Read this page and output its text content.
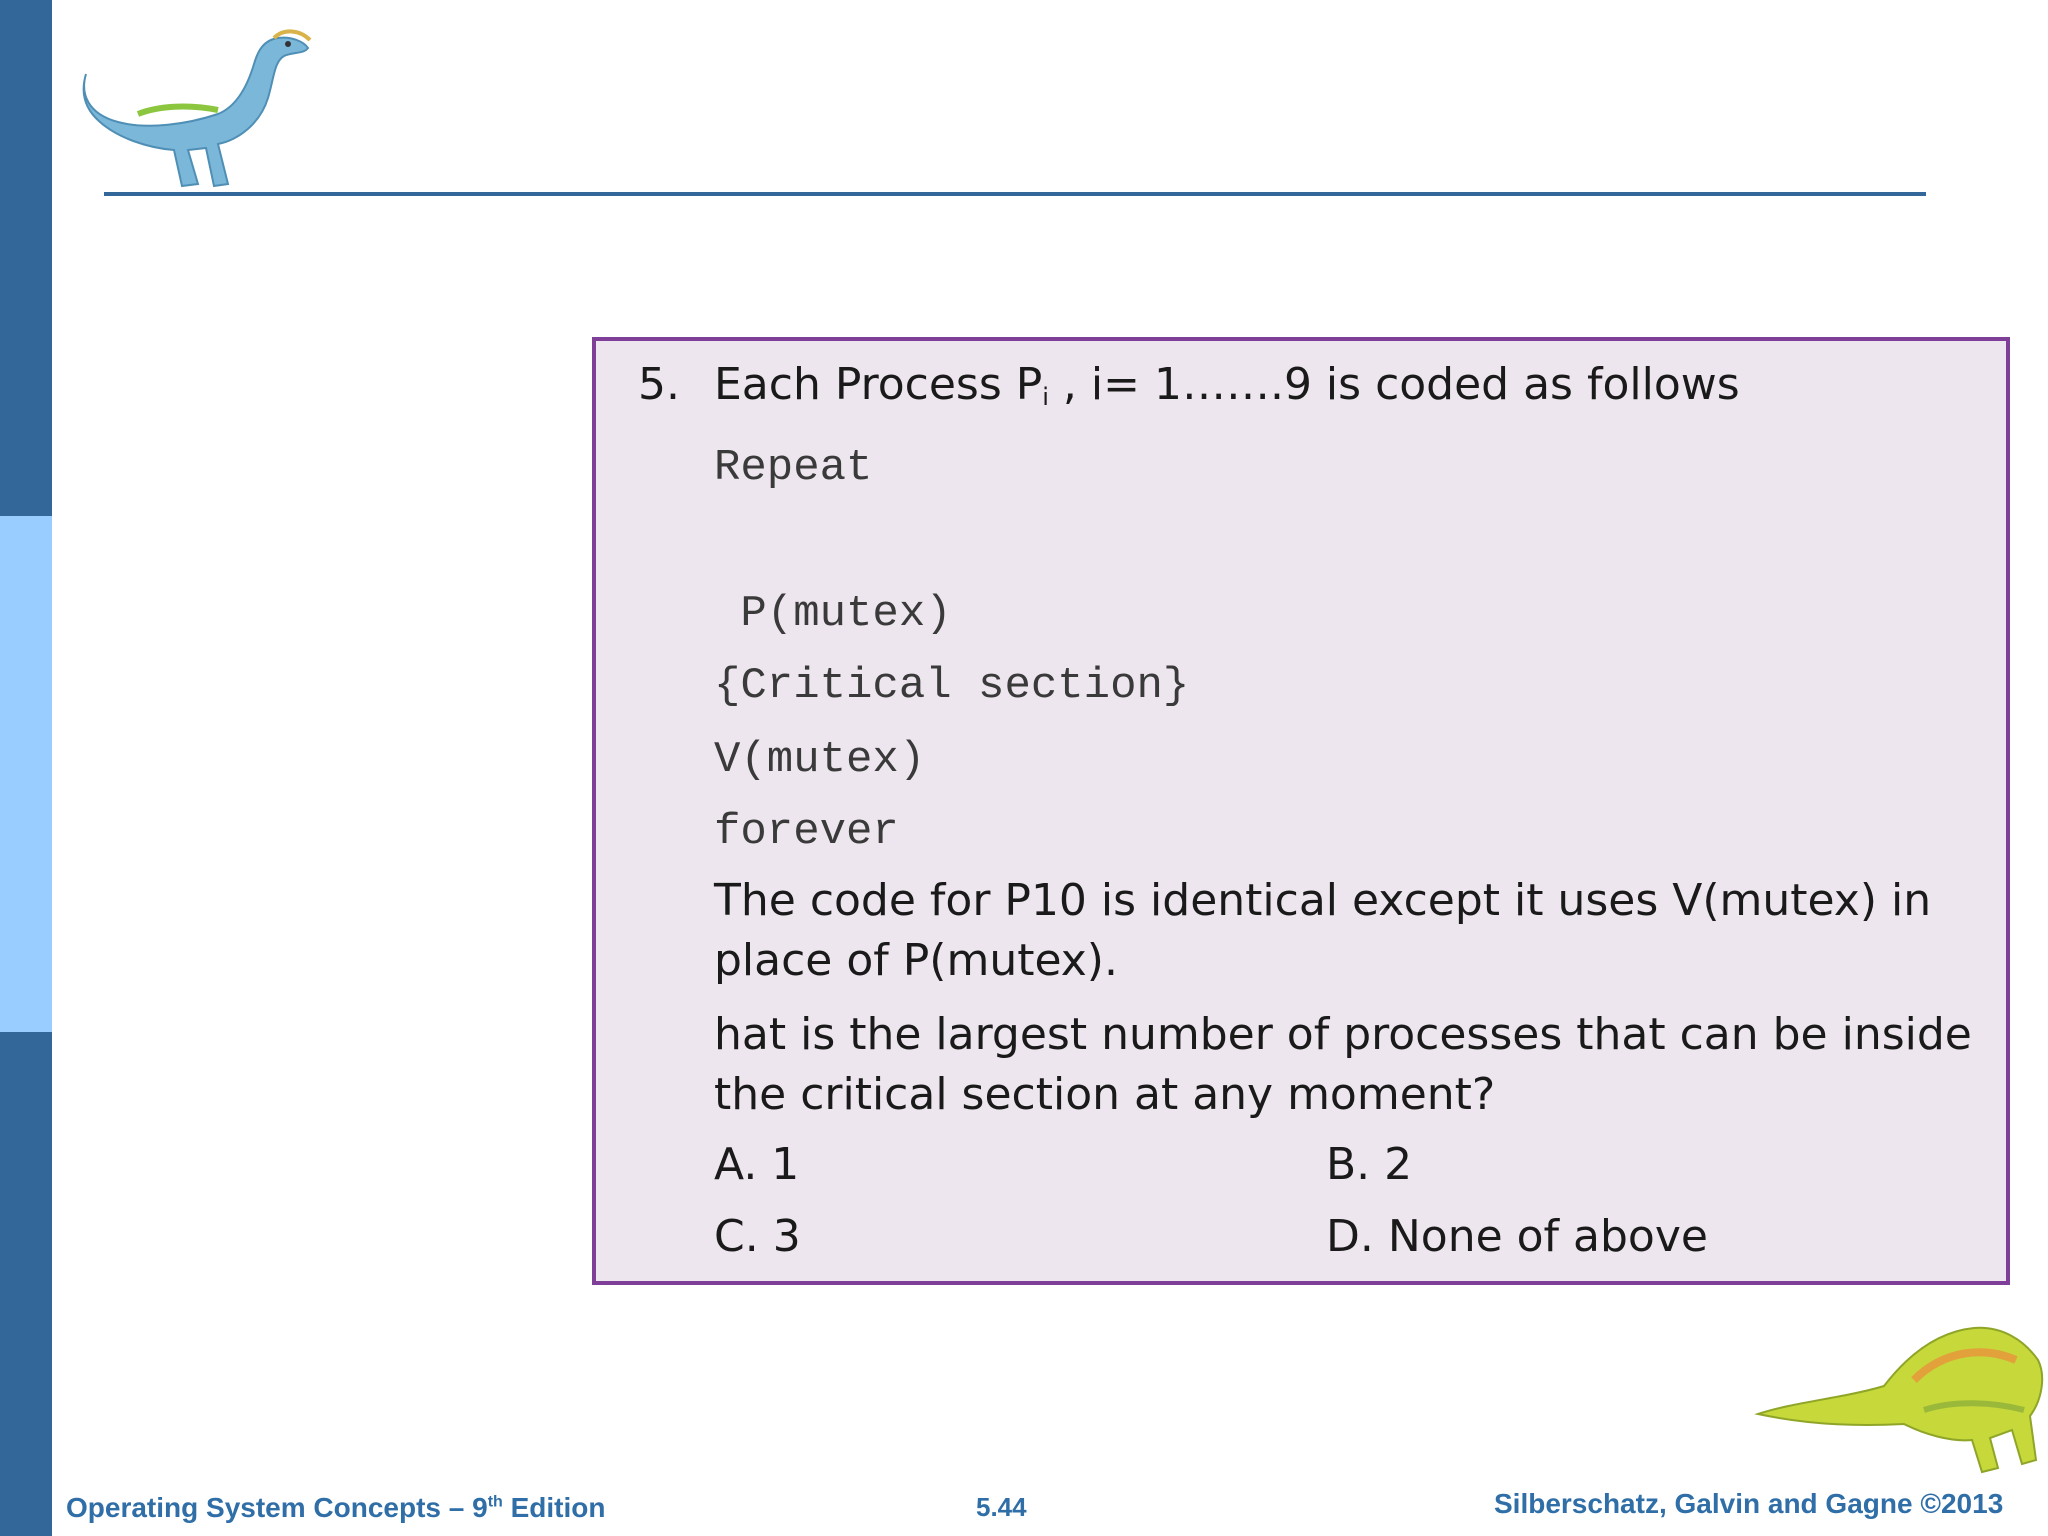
5. Each Process $P_i$ , i= 1…….9 is coded as follows
Repeat
P(mutex)
{Critical section}
V(mutex)
forever
The code for P10 is identical except it uses V(mutex) in place of P(mutex).
hat is the largest number of processes that can be inside the critical section at any moment?
A. 1	B. 2
C. 3	D. None of above
Operating System Concepts – 9th Edition	5.44	Silberschatz, Galvin and Gagne ©2013
